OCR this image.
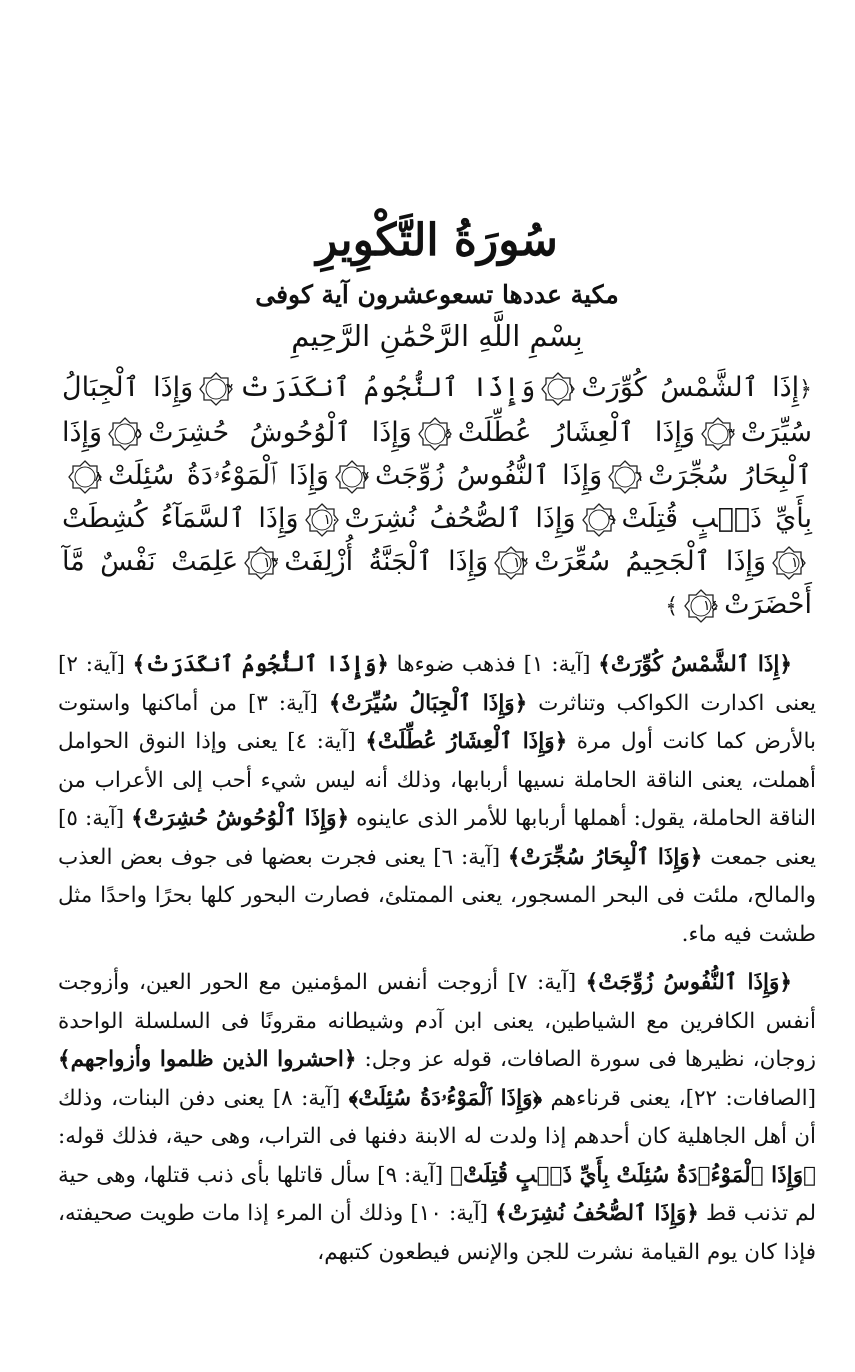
سُورَةُ التَّكْوِيرِ
مكية عددها تسعوعشرون آية كوفى
بِسْمِ اللَّهِ الرَّحْمَٰنِ الرَّحِيمِ
﴿إِذَا ٱلشَّمْسُ كُوِّرَتْ
١
وَإِذَا ٱلنُّجُومُ ٱنكَدَرَتْ
٢
وَإِذَا ٱلْجِبَالُ سُيِّرَتْ
٣
وَإِذَا ٱلْعِشَارُ عُطِّلَتْ
٤
وَإِذَا ٱلْوُحُوشُ حُشِرَتْ
٥
وَإِذَا ٱلْبِحَارُ سُجِّرَتْ
٦
وَإِذَا ٱلنُّفُوسُ زُوِّجَتْ
٧
وَإِذَا ٱلْمَوْءُۥدَةُ سُئِلَتْ
٨
بِأَيِّ ذَنۢبٍ قُتِلَتْ
٩
وَإِذَا ٱلصُّحُفُ نُشِرَتْ
١٠
وَإِذَا ٱلسَّمَآءُ كُشِطَتْ
١١
وَإِذَا ٱلْجَحِيمُ سُعِّرَتْ
١٢
وَإِذَا ٱلْجَنَّةُ أُزْلِفَتْ
١٣
عَلِمَتْ نَفْسٌ مَّآ أَحْضَرَتْ
١٤
﴾

﴿إِذَا ٱلشَّمْسُ كُوِّرَتْ﴾ [آية: ١] فذهب ضوءها ﴿وَإِذَا ٱلنُّجُومُ ٱنكَدَرَتْ﴾ [آية: ٢] يعنى اكدارت الكواكب وتناثرت ﴿وَإِذَا ٱلْجِبَالُ سُيِّرَتْ﴾ [آية: ٣] من أماكنها واستوت بالأرض كما كانت أول مرة ﴿وَإِذَا ٱلْعِشَارُ عُطِّلَتْ﴾ [آية: ٤] يعنى وإذا النوق الحوامل أهملت، يعنى الناقة الحاملة نسيها أربابها، وذلك أنه ليس شيء أحب إلى الأعراب من الناقة الحاملة، يقول: أهملها أربابها للأمر الذى عاينوه ﴿وَإِذَا ٱلْوُحُوشُ حُشِرَتْ﴾ [آية: ٥] يعنى جمعت ﴿وَإِذَا ٱلْبِحَارُ سُجِّرَتْ﴾ [آية: ٦] يعنى فجرت بعضها فى جوف بعض العذب والمالح، ملئت فى البحر المسجور، يعنى الممتلئ، فصارت البحور كلها بحرًا واحدًا مثل طشت فيه ماء.

﴿وَإِذَا ٱلنُّفُوسُ زُوِّجَتْ﴾ [آية: ٧] أزوجت أنفس المؤمنين مع الحور العين، وأزوجت أنفس الكافرين مع الشياطين، يعنى ابن آدم وشيطانه مقرونًا فى السلسلة الواحدة زوجان، نظيرها فى سورة الصافات، قوله عز وجل: ﴿احشروا الذين ظلموا وأزواجهم﴾ [الصافات: ٢٢]، يعنى قرناءهم ﴿وَإِذَا ٱلْمَوْءُۥدَةُ سُئِلَتْ﴾ [آية: ٨] يعنى دفن البنات، وذلك أن أهل الجاهلية كان أحدهم إذا ولدت له الابنة دفنها فى التراب، وهى حية، فذلك قوله: ﴿وَإِذَا ٱلْمَوْءُۥدَةُ سُئِلَتْ بِأَيِّ ذَنۢبٍ قُتِلَتْ﴾ [آية: ٩] سأل قاتلها بأى ذنب قتلها، وهى حية لم تذنب قط ﴿وَإِذَا ٱلصُّحُفُ نُشِرَتْ﴾ [آية: ١٠] وذلك أن المرء إذا مات طويت صحيفته، فإذا كان يوم القيامة نشرت للجن والإنس فيطعون كتبهم،
